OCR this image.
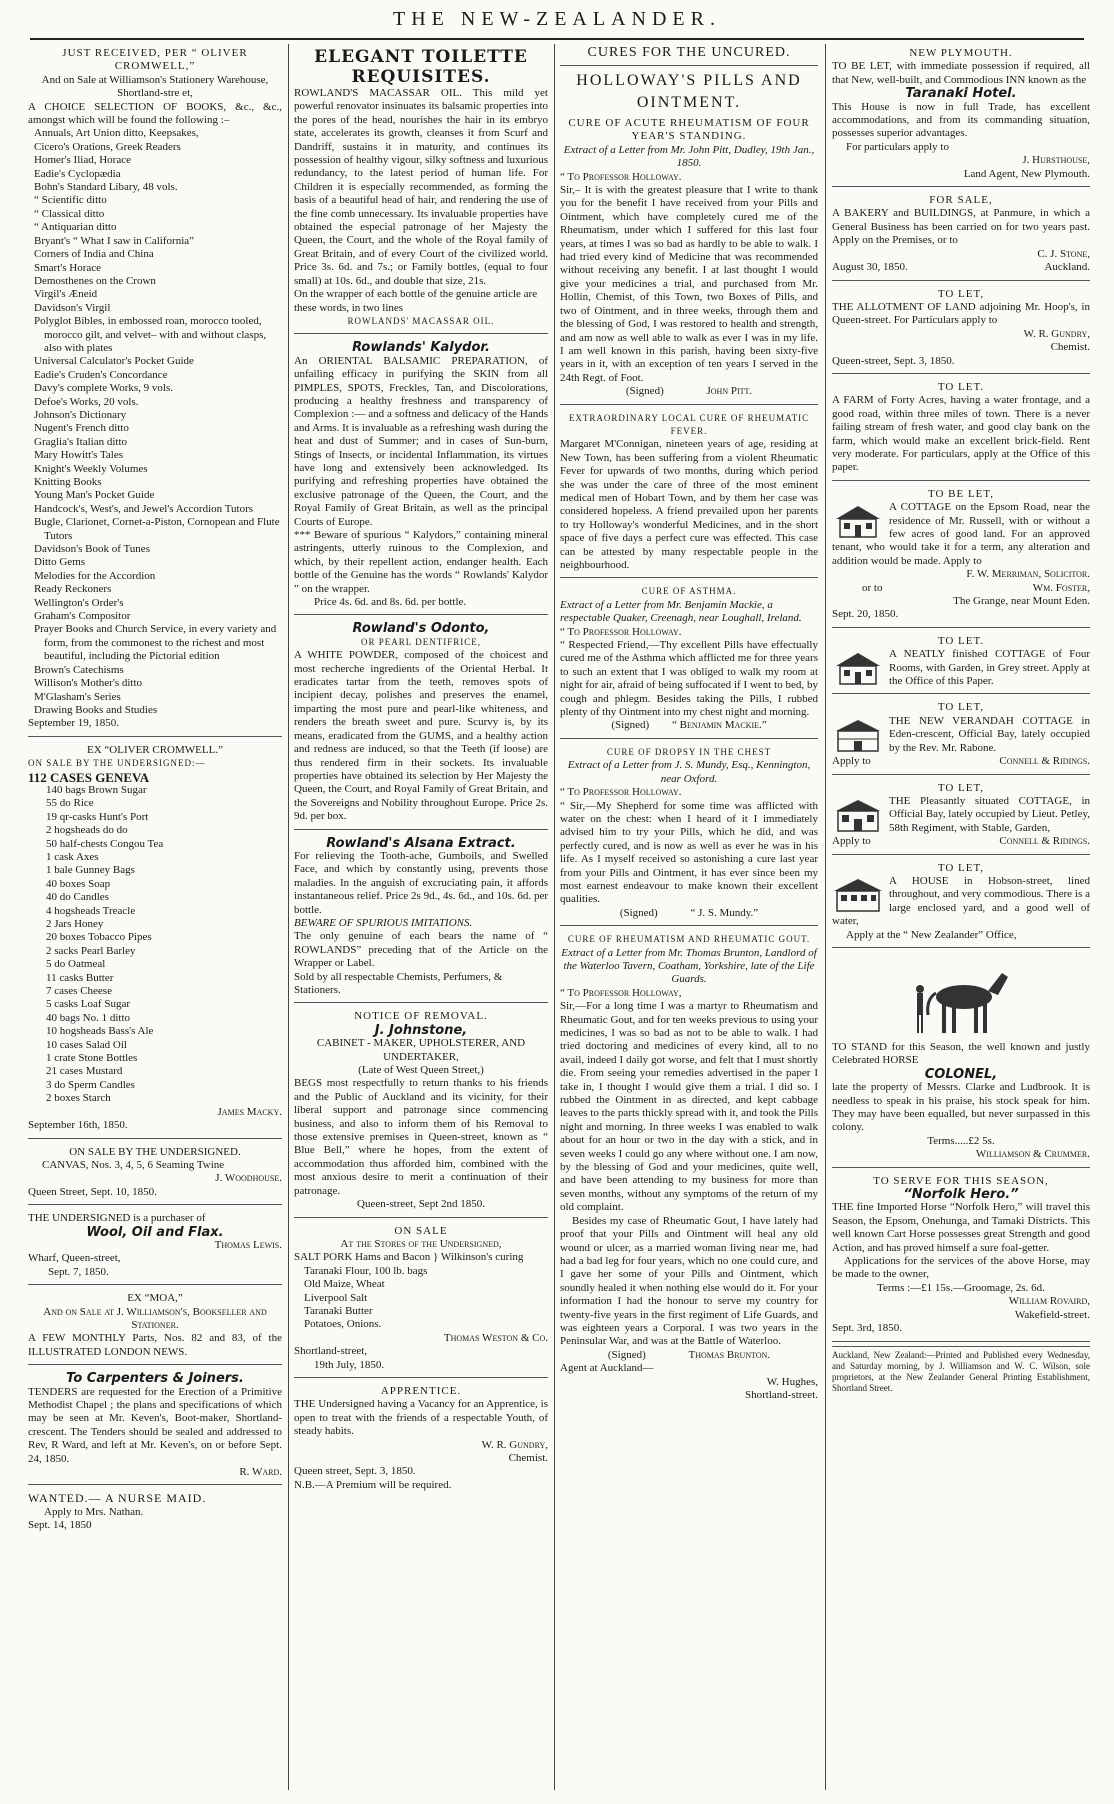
THE NEW-ZEALANDER.

JUST RECEIVED, PER “ OLIVER CROMWELL,”

And on Sale at Williamson's Stationery Warehouse, Shortland-stre et,

A CHOICE SELECTION OF BOOKS, &c., &c., amongst which will be found the following :–

Annuals, Art Union ditto, Keepsakes,
Cicero's Orations, Greek Readers
Homer's Iliad, Horace
Eadie's Cyclopædia
Bohn's Standard Libary, 48 vols.
“ Scientific ditto
“ Classical ditto
“ Antiquarian ditto
Bryant's “ What I saw in California”
Corners of India and China
Smart's Horace
Demosthenes on the Crown
Virgil's Æneid
Davidson's Virgil
Polyglot Bibles, in embossed roan, morocco tooled, morocco gilt, and velvet– with and without clasps, also with plates
Universal Calculator's Pocket Guide
Eadie's Cruden's Concordance
Davy's complete Works, 9 vols.
Defoe's Works, 20 vols.
Johnson's Dictionary
Nugent's French ditto
Graglia's Italian ditto
Mary Howitt's Tales
Knight's Weekly Volumes
Knitting Books
Young Man's Pocket Guide
Handcock's, West's, and Jewel's Accordion Tutors
Bugle, Clarionet, Cornet-a-Piston, Cornopean and Flute Tutors
Davidson's Book of Tunes
Ditto Gems
Melodies for the Accordion
Ready Reckoners
Wellington's Order's
Graham's Compositor
Prayer Books and Church Service, in every variety and form, from the commonest to the richest and most beautiful, including the Pictorial edition
Brown's Catechisms
Willison's Mother's ditto
M'Glasham's Series
Drawing Books and Studies

September 19, 1850.

EX “OLIVER CROMWELL.”

ON SALE BY THE UNDERSIGNED:—

112 CASES GENEVA

140 bags Brown Sugar
55 do Rice
19 qr-casks Hunt's Port
2 hogsheads do do
50 half-chests Congou Tea
1 cask Axes
1 bale Gunney Bags
40 boxes Soap
40 do Candles
4 hogsheads Treacle
2 Jars Honey
20 boxes Tobacco Pipes
2 sacks Pearl Barley
5 do Oatmeal
11 casks Butter
7 cases Cheese
5 casks Loaf Sugar
40 bags No. 1 ditto
10 hogsheads Bass's Ale
10 cases Salad Oil
1 crate Stone Bottles
21 cases Mustard
3 do Sperm Candles
2 boxes Starch

James Macky.

September 16th, 1850.

ON SALE BY THE UNDERSIGNED.

CANVAS, Nos. 3, 4, 5, 6 Seaming Twine

J. Woodhouse.

Queen Street, Sept. 10, 1850.

THE UNDERSIGNED is a purchaser of

Wool, Oil and Flax.

Thomas Lewis.

Wharf, Queen-street,

Sept. 7, 1850.

EX “MOA,”

And on Sale at J. Williamson's, Bookseller and Stationer.

A FEW MONTHLY Parts, Nos. 82 and 83, of the ILLUSTRATED LONDON NEWS.

To Carpenters & Joiners.

TENDERS are requested for the Erection of a Primitive Methodist Chapel ; the plans and specifications of which may be seen at Mr. Keven's, Boot-maker, Shortland-crescent. The Tenders should be sealed and addressed to Rev, R Ward, and left at Mr. Keven's, on or before Sept. 24, 1850.

R. Ward.

WANTED.— A NURSE MAID.

Apply to Mrs. Nathan.

Sept. 14, 1850

ELEGANT TOILETTE REQUISITES.

ROWLAND'S MACASSAR OIL. This mild yet powerful renovator insinuates its balsamic properties into the pores of the head, nourishes the hair in its embryo state, accelerates its growth, cleanses it from Scurf and Dandriff, sustains it in maturity, and continues its possession of healthy vigour, silky softness and luxurious redundancy, to the latest period of human life. For Children it is especially recommended, as forming the basis of a beautiful head of hair, and rendering the use of the fine comb unnecessary. Its invaluable properties have obtained the especial patronage of her Majesty the Queen, the Court, and the whole of the Royal family of Great Britain, and of every Court of the civilized world. Price 3s. 6d. and 7s.; or Family bottles, (equal to four small) at 10s. 6d., and double that size, 21s.

On the wrapper of each bottle of the genuine article are these words, in two lines

ROWLANDS' MACASSAR OIL.

Rowlands' Kalydor.

An ORIENTAL BALSAMIC PREPARATION, of unfailing efficacy in purifying the SKIN from all PIMPLES, SPOTS, Freckles, Tan, and Discolorations, producing a healthy freshness and transparency of Complexion :— and a softness and delicacy of the Hands and Arms. It is invaluable as a refreshing wash during the heat and dust of Summer; and in cases of Sun-burn, Stings of Insects, or incidental Inflammation, its virtues have long and extensively been acknowledged. Its purifying and refreshing properties have obtained the exclusive patronage of the Queen, the Court, and the Royal Family of Great Britain, as well as the principal Courts of Europe.

*** Beware of spurious “ Kalydors,” containing mineral astringents, utterly ruinous to the Complexion, and which, by their repellent action, endanger health. Each bottle of the Genuine has the words “ Rowlands' Kalydor ” on the wrapper.

Price 4s. 6d. and 8s. 6d. per bottle.

Rowland's Odonto,

OR PEARL DENTIFRICE,

A WHITE POWDER, composed of the choicest and most recherche ingredients of the Oriental Herbal. It eradicates tartar from the teeth, removes spots of incipient decay, polishes and preserves the enamel, imparting the most pure and pearl-like whiteness, and renders the breath sweet and pure. Scurvy is, by its means, eradicated from the GUMS, and a healthy action and redness are induced, so that the Teeth (if loose) are thus rendered firm in their sockets. Its invaluable properties have obtained its selection by Her Majesty the Queen, the Court, and Royal Family of Great Britain, and the Sovereigns and Nobility throughout Europe. Price 2s. 9d. per box.

Rowland's Alsana Extract.

For relieving the Tooth-ache, Gumboils, and Swelled Face, and which by constantly using, prevents those maladies. In the anguish of excruciating pain, it affords instantaneous relief. Price 2s 9d., 4s. 6d., and 10s. 6d. per bottle.

BEWARE OF SPURIOUS IMITATIONS.

The only genuine of each bears the name of “ ROWLANDS” preceding that of the Article on the Wrapper or Label.

Sold by all respectable Chemists, Perfumers, & Stationers.

NOTICE OF REMOVAL.

J. Johnstone,

CABINET - MAKER, UPHOLSTERER, AND UNDERTAKER,

(Late of West Queen Street,)

BEGS most respectfully to return thanks to his friends and the Public of Auckland and its vicinity, for their liberal support and patronage since commencing business, and also to inform them of his Removal to those extensive premises in Queen-street, known as “ Blue Bell,” where he hopes, from the extent of accommodation thus afforded him, combined with the most anxious desire to merit a continuation of their patronage.

Queen-street, Sept 2nd 1850.

ON SALE

At the Stores of the Undersigned,

SALT PORK Hams and Bacon } Wilkinson's curing

Taranaki Flour, 100 lb. bags
Old Maize, Wheat
Liverpool Salt
Taranaki Butter
Potatoes, Onions.

Thomas Weston & Co.

Shortland-street,

19th July, 1850.

APPRENTICE.

THE Undersigned having a Vacancy for an Apprentice, is open to treat with the friends of a respectable Youth, of steady habits.

W. R. Gundry,

Chemist.

Queen street, Sept. 3, 1850.

N.B.—A Premium will be required.

CURES FOR THE UNCURED.

HOLLOWAY'S PILLS AND OINTMENT.

CURE OF ACUTE RHEUMATISM OF FOUR YEAR'S STANDING.

Extract of a Letter from Mr. John Pitt, Dudley, 19th Jan., 1850.

“ To Professor Holloway.

Sir,– It is with the greatest pleasure that I write to thank you for the benefit I have received from your Pills and Ointment, which have completely cured me of the Rheumatism, under which I suffered for this last four years, at times I was so bad as hardly to be able to walk. I had tried every kind of Medicine that was recommended without receiving any benefit. I at last thought I would give your medicines a trial, and purchased from Mr. Hollin, Chemist, of this Town, two Boxes of Pills, and two of Ointment, and in three weeks, through them and the blessing of God, I was restored to health and strength, and am now as well able to walk as ever I was in my life. I am well known in this parish, having been sixty-five years in it, with an exception of ten years I served in the 24th Regt. of Foot.

(Signed)	John Pitt.

EXTRAORDINARY LOCAL CURE OF RHEUMATIC FEVER.

Margaret M'Connigan, nineteen years of age, residing at New Town, has been suffering from a violent Rheumatic Fever for upwards of two months, during which period she was under the care of three of the most eminent medical men of Hobart Town, and by them her case was considered hopeless. A friend prevailed upon her parents to try Holloway's wonderful Medicines, and in the short space of five days a perfect cure was effected. This case can be attested by many respectable people in the neighbourhood.

CURE OF ASTHMA.

Extract of a Letter from Mr. Benjamin Mackie, a respectable Quaker, Creenagh, near Loughall, Ireland.

“ To Professor Holloway.

“ Respected Friend,—Thy excellent Pills have effectually cured me of the Asthma which afflicted me for three years to such an extent that I was obliged to walk my room at night for air, afraid of being suffocated if I went to bed, by cough and phlegm. Besides taking the Pills, I rubbed plenty of thy Ointment into my chest night and morning.

(Signed) “ Benjamin Mackie.”

CURE OF DROPSY IN THE CHEST

Extract of a Letter from J. S. Mundy, Esq., Kennington, near Oxford.

“ To Professor Holloway.

“ Sir,—My Shepherd for some time was afflicted with water on the chest: when I heard of it I immediately advised him to try your Pills, which he did, and was perfectly cured, and is now as well as ever he was in his life. As I myself received so astonishing a cure last year from your Pills and Ointment, it has ever since been my most earnest endeavour to make known their excellent qualities.

(Signed)	“ J. S. Mundy.”

CURE OF RHEUMATISM AND RHEUMATIC GOUT.

Extract of a Letter from Mr. Thomas Brunton, Landlord of the Waterloo Tavern, Coatham, Yorkshire, late of the Life Guards.

“ To Professor Holloway,

Sir,—For a long time I was a martyr to Rheumatism and Rheumatic Gout, and for ten weeks previous to using your medicines, I was so bad as not to be able to walk. I had tried doctoring and medicines of every kind, all to no avail, indeed I daily got worse, and felt that I must shortly die. From seeing your remedies advertised in the paper I take in, I thought I would give them a trial. I did so. I rubbed the Ointment in as directed, and kept cabbage leaves to the parts thickly spread with it, and took the Pills night and morning. In three weeks I was enabled to walk about for an hour or two in the day with a stick, and in seven weeks I could go any where without one. I am now, by the blessing of God and your medicines, quite well, and have been attending to my business for more than seven months, without any symptoms of the return of my old complaint.

Besides my case of Rheumatic Gout, I have lately had proof that your Pills and Ointment will heal any old wound or ulcer, as a married woman living near me, had had a bad leg for four years, which no one could cure, and I gave her some of your Pills and Ointment, which soundly healed it when nothing else would do it. For your information I had the honour to serve my country for twenty-five years in the first regiment of Life Guards, and was eighteen years a Corporal. I was two years in the Peninsular War, and was at the Battle of Waterloo.

(Signed)	Thomas Brunton.

Agent at Auckland—

W. Hughes,

Shortland-street.

NEW PLYMOUTH.

TO BE LET, with immediate possession if required, all that New, well-built, and Commodious INN known as the

Taranaki Hotel.

This House is now in full Trade, has excellent accommodations, and from its commanding situation, possesses superior advantages.

For particulars apply to

J. Hursthouse,

Land Agent, New Plymouth.

FOR SALE,

A BAKERY and BUILDINGS, at Panmure, in which a General Business has been carried on for two years past. Apply on the Premises, or to

C. J. Stone,

August 30, 1850.	Auckland.

TO LET,

THE ALLOTMENT OF LAND adjoining Mr. Hoop's, in Queen-street. For Particulars apply to

W. R. Gundry,

Chemist.

Queen-street, Sept. 3, 1850.

TO LET.

A FARM of Forty Acres, having a water frontage, and a good road, within three miles of town. There is a never failing stream of fresh water, and good clay bank on the farm, which would make an excellent brick-field. Rent very moderate. For particulars, apply at the Office of this paper.

TO BE LET,

A COTTAGE on the Epsom Road, near the residence of Mr. Russell, with or without a few acres of good land. For an approved tenant, who would take it for a term, any alteration and addition would be made. Apply to

F. W. Merriman, Solicitor.

or to	Wm. Foster,

The Grange, near Mount Eden.

Sept. 20, 1850.

TO LET.

A NEATLY finished COTTAGE of Four Rooms, with Garden, in Grey street. Apply at the Office of this Paper.

TO LET,

THE NEW VERANDAH COTTAGE in Eden-crescent, Official Bay, lately occupied by the Rev. Mr. Rabone.

Apply to	Connell & Ridings.

TO LET,

THE Pleasantly situated COTTAGE, in Official Bay, lately occupied by Lieut. Petley, 58th Regiment, with Stable, Garden,

Apply to	Connell & Ridings.

TO LET,

A HOUSE in Hobson-street, lined throughout, and very commodious. There is a large enclosed yard, and a good well of water,

Apply at the “ New Zealander” Office,

TO STAND for this Season, the well known and justly Celebrated HORSE

COLONEL,

late the property of Messrs. Clarke and Ludbrook. It is needless to speak in his praise, his stock speak for him. They may have been equalled, but never surpassed in this colony.

Terms.....£2 5s.

Williamson & Crummer.

TO SERVE FOR THIS SEASON,

“Norfolk Hero.”

THE fine Imported Horse “Norfolk Hero,” will travel this Season, the Epsom, Onehunga, and Tamaki Districts. This well known Cart Horse possesses great Strength and good Action, and has proved himself a sure foal-getter.

Applications for the services of the above Horse, may be made to the owner,

Terms :—£1 15s.—Groomage, 2s. 6d.

William Rovaird,

Wakefield-street.

Sept. 3rd, 1850.

Auckland, New Zealand:—Printed and Published every Wednesday, and Saturday morning, by J. Williamson and W. C. Wilson, sole proprietors, at the New Zealander General Printing Establishment, Shortland Street.
